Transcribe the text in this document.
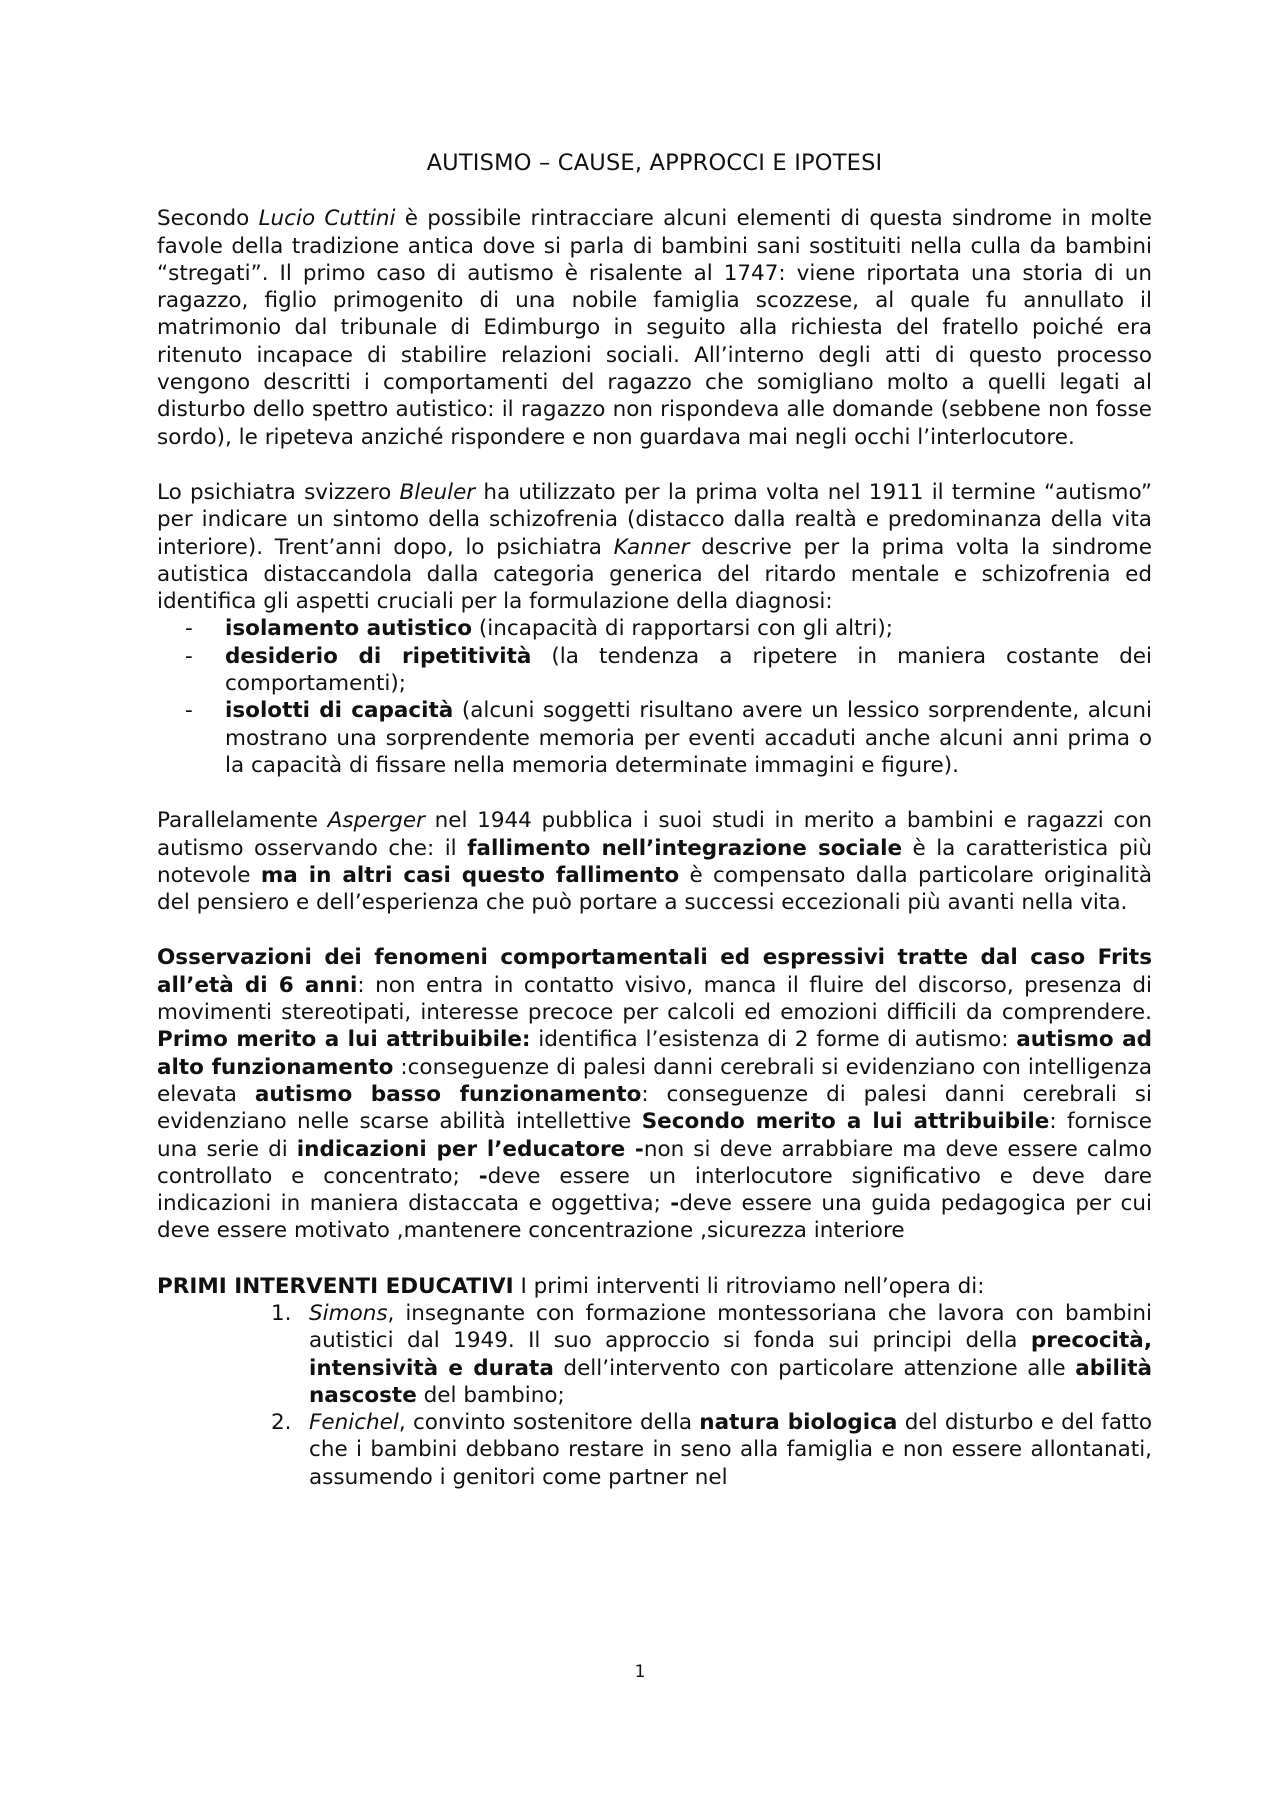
AUTISMO – CAUSE, APPROCCI E IPOTESI

Secondo Lucio Cuttini è possibile rintracciare alcuni elementi di questa sindrome in molte favole della tradizione antica dove si parla di bambini sani sostituiti nella culla da bambini “stregati”. Il primo caso di autismo è risalente al 1747: viene riportata una storia di un ragazzo, figlio primogenito di una nobile famiglia scozzese, al quale fu annullato il matrimonio dal tribunale di Edimburgo in seguito alla richiesta del fratello poiché era ritenuto incapace di stabilire relazioni sociali. All’interno degli atti di questo processo vengono descritti i comportamenti del ragazzo che somigliano molto a quelli legati al disturbo dello spettro autistico: il ragazzo non rispondeva alle domande (sebbene non fosse sordo), le ripeteva anziché rispondere e non guardava mai negli occhi l’interlocutore.

Lo psichiatra svizzero Bleuler ha utilizzato per la prima volta nel 1911 il termine “autismo” per indicare un sintomo della schizofrenia (distacco dalla realtà e predominanza della vita interiore). Trent’anni dopo, lo psichiatra Kanner descrive per la prima volta la sindrome autistica distaccandola dalla categoria generica del ritardo mentale e schizofrenia ed identifica gli aspetti cruciali per la formulazione della diagnosi:

- isolamento autistico (incapacità di rapportarsi con gli altri);
- desiderio di ripetitività (la tendenza a ripetere in maniera costante dei comportamenti);
- isolotti di capacità (alcuni soggetti risultano avere un lessico sorprendente, alcuni mostrano una sorprendente memoria per eventi accaduti anche alcuni anni prima o la capacità di fissare nella memoria determinate immagini e figure).

Parallelamente Asperger nel 1944 pubblica i suoi studi in merito a bambini e ragazzi con autismo osservando che: il fallimento nell’integrazione sociale è la caratteristica più notevole ma in altri casi questo fallimento è compensato dalla particolare originalità del pensiero e dell’esperienza che può portare a successi eccezionali più avanti nella vita.

Osservazioni dei fenomeni comportamentali ed espressivi tratte dal caso Frits all’età di 6 anni: non entra in contatto visivo, manca il fluire del discorso, presenza di movimenti stereotipati, interesse precoce per calcoli ed emozioni difficili da comprendere. Primo merito a lui attribuibile: identifica l’esistenza di 2 forme di autismo: autismo ad alto funzionamento :conseguenze di palesi danni cerebrali si evidenziano con intelligenza elevata autismo basso funzionamento: conseguenze di palesi danni cerebrali si evidenziano nelle scarse abilità intellettive Secondo merito a lui attribuibile: fornisce una serie di indicazioni per l’educatore -non si deve arrabbiare ma deve essere calmo controllato e concentrato; -deve essere un interlocutore significativo e deve dare indicazioni in maniera distaccata e oggettiva; -deve essere una guida pedagogica per cui deve essere motivato ,mantenere concentrazione ,sicurezza interiore

PRIMI INTERVENTI EDUCATIVI I primi interventi li ritroviamo nell’opera di:

1. Simons, insegnante con formazione montessoriana che lavora con bambini autistici dal 1949. Il suo approccio si fonda sui principi della precocità, intensività e durata dell’intervento con particolare attenzione alle abilità nascoste del bambino;
2. Fenichel, convinto sostenitore della natura biologica del disturbo e del fatto che i bambini debbano restare in seno alla famiglia e non essere allontanati, assumendo i genitori come partner nel
1
